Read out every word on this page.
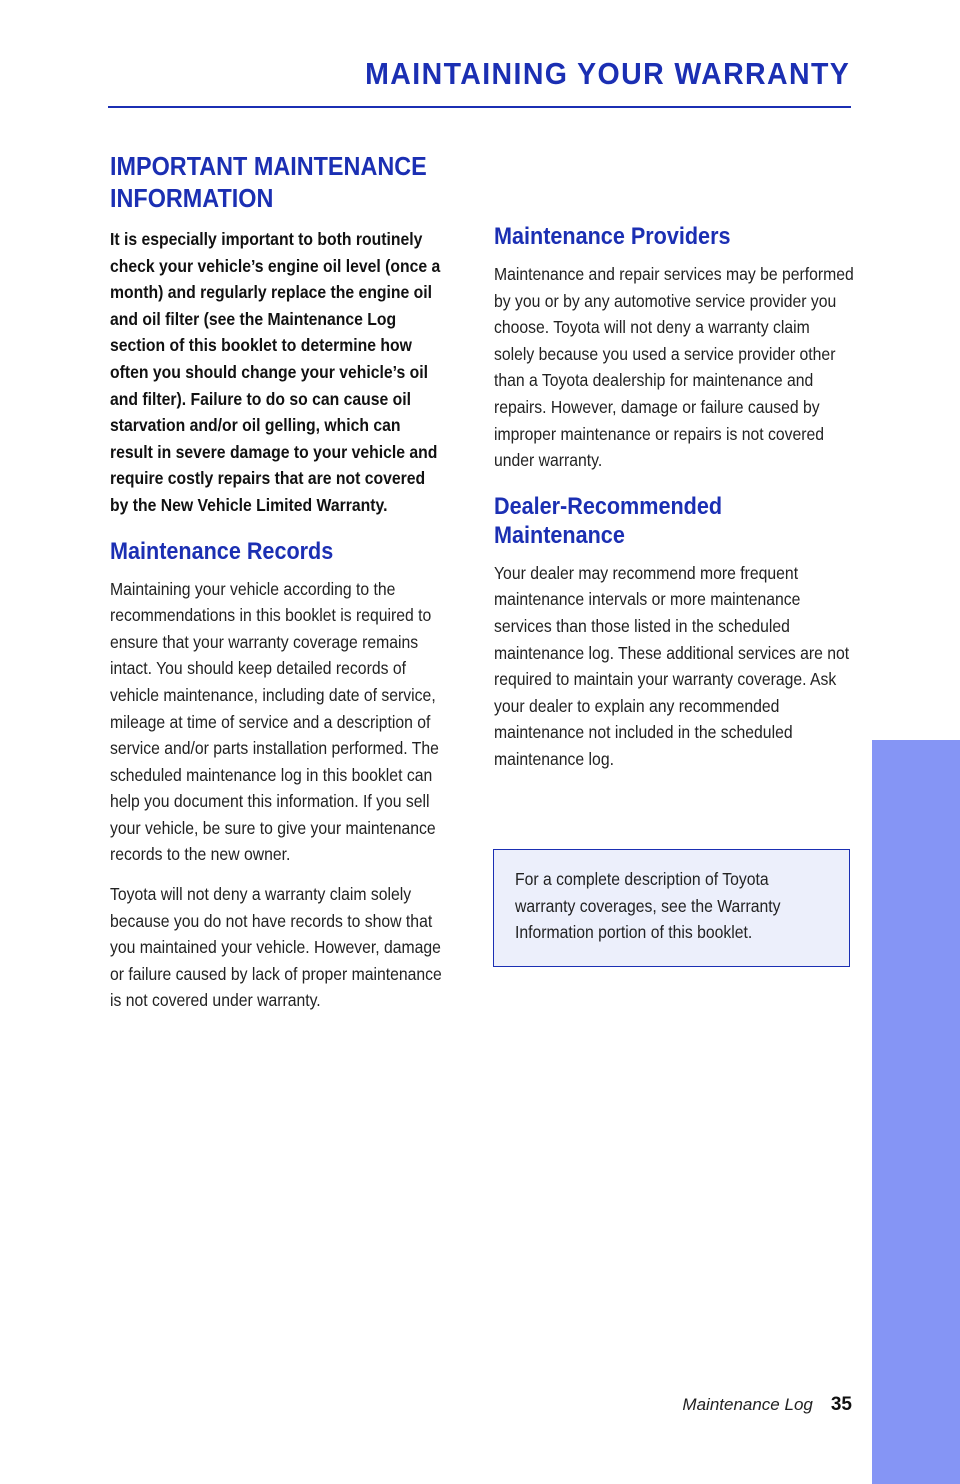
MAINTAINING YOUR WARRANTY
IMPORTANT MAINTENANCE
INFORMATION

It is especially important to both routinely check your vehicle’s engine oil level (once a month) and regularly replace the engine oil and oil filter (see the Maintenance Log section of this booklet to determine how often you should change your vehicle’s oil and filter). Failure to do so can cause oil starvation and/or oil gelling, which can result in severe damage to your vehicle and require costly repairs that are not covered by the New Vehicle Limited Warranty.

Maintenance Records

Maintaining your vehicle according to the recommendations in this booklet is required to ensure that your warranty coverage remains intact. You should keep detailed records of vehicle maintenance, including date of service, mileage at time of service and a description of service and/or parts installation performed. The scheduled maintenance log in this booklet can help you document this information. If you sell your vehicle, be sure to give your maintenance records to the new owner.

Toyota will not deny a warranty claim solely because you do not have records to show that you maintained your vehicle. However, damage or failure caused by lack of proper maintenance is not covered under warranty.

Maintenance Providers

Maintenance and repair services may be performed by you or by any automotive service provider you choose. Toyota will not deny a warranty claim solely because you used a service provider other than a Toyota dealership for maintenance and repairs. However, damage or failure caused by improper maintenance or repairs is not covered under warranty.

Dealer-Recommended
Maintenance

Your dealer may recommend more frequent maintenance intervals or more maintenance services than those listed in the scheduled maintenance log. These additional services are not required to maintain your warranty coverage. Ask your dealer to explain any recommended maintenance not included in the scheduled maintenance log.

For a complete description of Toyota warranty coverages, see the Warranty Information portion of this booklet.

MAINTENANCE
Maintenance Log 35
